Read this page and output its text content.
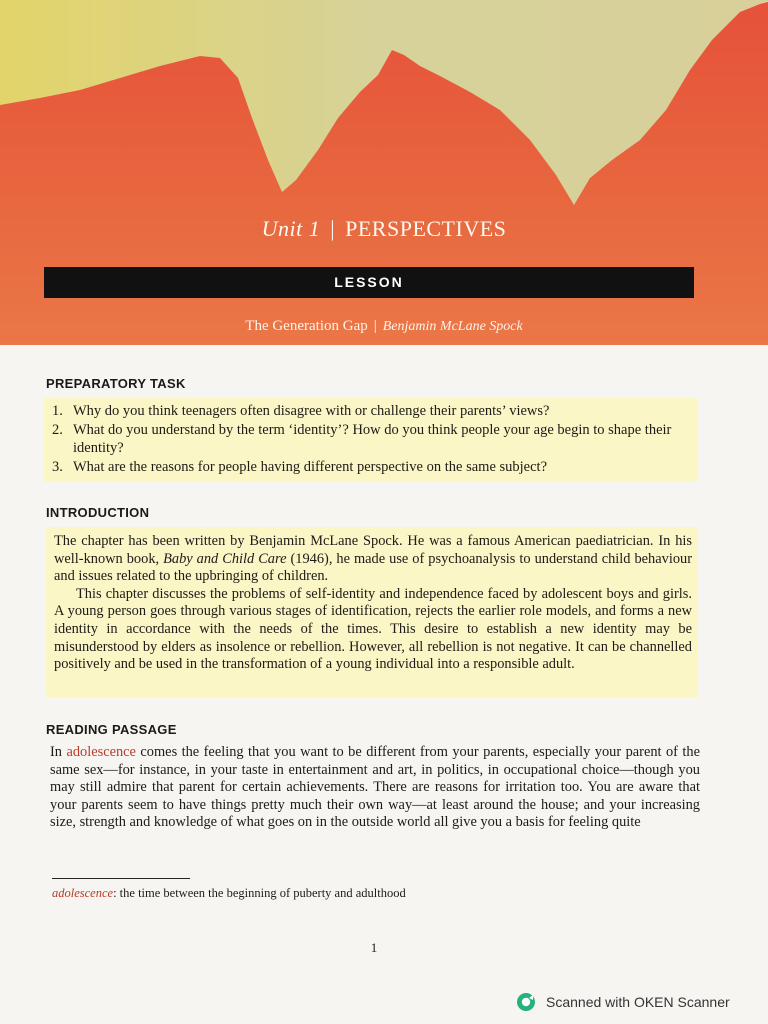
Unit 1 | PERSPECTIVES
LESSON
The Generation Gap | Benjamin McLane Spock
PREPARATORY TASK
1. Why do you think teenagers often disagree with or challenge their parents’ views?
2. What do you understand by the term ‘identity’? How do you think people your age begin to shape their identity?
3. What are the reasons for people having different perspective on the same subject?
INTRODUCTION

The chapter has been written by Benjamin McLane Spock. He was a famous American paediatrician. In his well-known book, Baby and Child Care (1946), he made use of psychoanalysis to understand child behaviour and issues related to the upbringing of children.

This chapter discusses the problems of self-identity and independence faced by adolescent boys and girls. A young person goes through various stages of identification, rejects the earlier role models, and forms a new identity in accordance with the needs of the times. This desire to establish a new identity may be misunderstood by elders as insolence or rebellion. However, all rebellion is not negative. It can be channelled positively and be used in the transformation of a young individual into a responsible adult.

READING PASSAGE

In adolescence comes the feeling that you want to be different from your parents, especially your parent of the same sex—for instance, in your taste in entertainment and art, in politics, in occupational choice—though you may still admire that parent for certain achievements. There are reasons for irritation too. You are aware that your parents seem to have things pretty much their own way—at least around the house; and your increasing size, strength and knowledge of what goes on in the outside world all give you a basis for feeling quite

adolescence: the time between the beginning of puberty and adulthood
1
Scanned with OKEN Scanner
